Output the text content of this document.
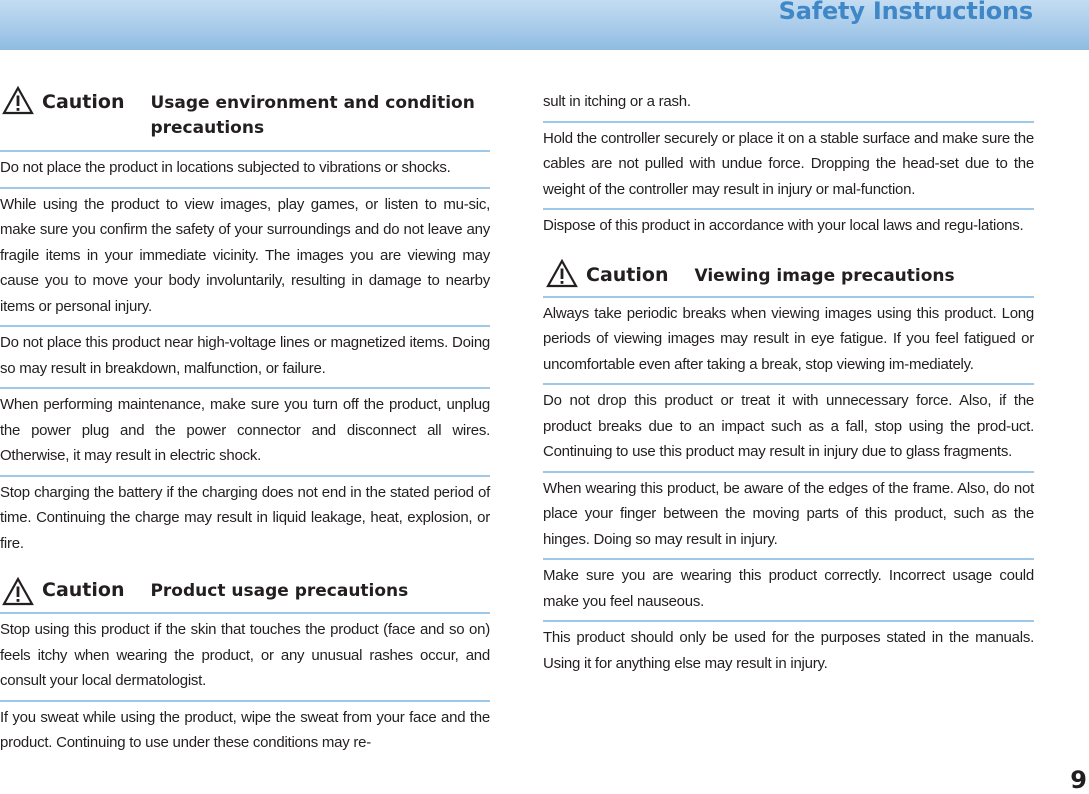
Safety Instructions
Caution Usage environment and condition precautions

Do not place the product in locations subjected to vibrations or shocks.

While using the product to view images, play games, or listen to mu-sic, make sure you confirm the safety of your surroundings and do not leave any fragile items in your immediate vicinity. The images you are viewing may cause you to move your body involuntarily, resulting in damage to nearby items or personal injury.

Do not place this product near high-voltage lines or magnetized items. Doing so may result in breakdown, malfunction, or failure.

When performing maintenance, make sure you turn off the product, unplug the power plug and the power connector and disconnect all wires. Otherwise, it may result in electric shock.

Stop charging the battery if the charging does not end in the stated period of time. Continuing the charge may result in liquid leakage, heat, explosion, or fire.

Caution Product usage precautions

Stop using this product if the skin that touches the product (face and so on) feels itchy when wearing the product, or any unusual rashes occur, and consult your local dermatologist.

If you sweat while using the product, wipe the sweat from your face and the product. Continuing to use under these conditions may re-

sult in itching or a rash.

Hold the controller securely or place it on a stable surface and make sure the cables are not pulled with undue force. Dropping the head-set due to the weight of the controller may result in injury or mal-function.

Dispose of this product in accordance with your local laws and regu-lations.

Caution Viewing image precautions

Always take periodic breaks when viewing images using this product. Long periods of viewing images may result in eye fatigue. If you feel fatigued or uncomfortable even after taking a break, stop viewing im-mediately.

Do not drop this product or treat it with unnecessary force. Also, if the product breaks due to an impact such as a fall, stop using the prod-uct. Continuing to use this product may result in injury due to glass fragments.

When wearing this product, be aware of the edges of the frame. Also, do not place your finger between the moving parts of this product, such as the hinges. Doing so may result in injury.

Make sure you are wearing this product correctly. Incorrect usage could make you feel nauseous.

This product should only be used for the purposes stated in the manuals. Using it for anything else may result in injury.

9
